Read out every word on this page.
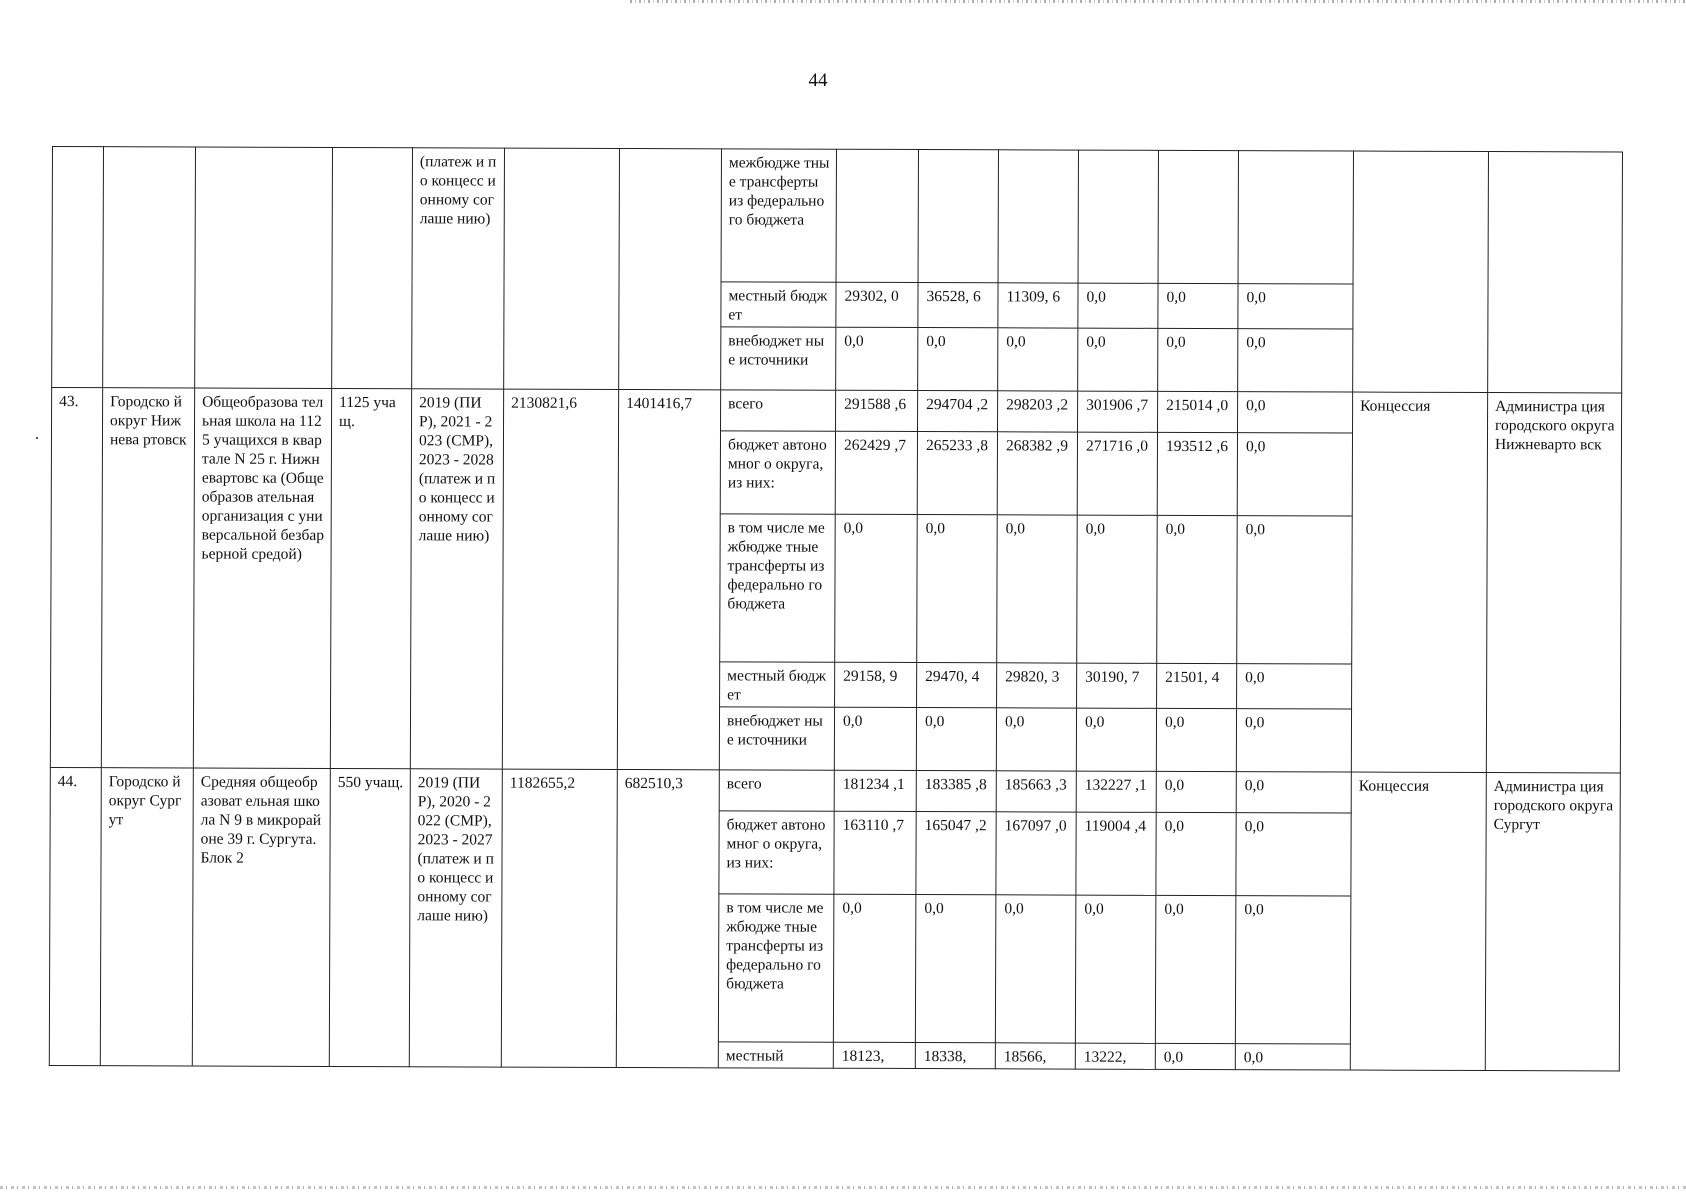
44
				(платеж и по концесс ионному соглаше нию)			межбюдже тные трансферты из федерально го бюджета								
							местный бюджет	29302, 0	36528, 6	11309, 6	0,0	0,0	0,0		
							внебюджет ные источники	0,0	0,0	0,0	0,0	0,0	0,0		
43.	Городско й округ Нижнева ртовск	Общеобразова тельная школа на 1125 учащихся в квартале N 25 г. Нижневартовс ка (Общеобразов ательная организация с универсальной безбарьерной средой)	1125 учащ.	2019 (ПИР), 2021 - 2023 (СМР), 2023 - 2028 (платеж и по концесс ионному соглаше нию)	2130821,6	1401416,7	всего	291588 ,6	294704 ,2	298203 ,2	301906 ,7	215014 ,0	0,0	Концессия	Администра ция городского округа Нижневарто вск
							бюджет автономног о округа, из них:	262429 ,7	265233 ,8	268382 ,9	271716 ,0	193512 ,6	0,0		
							в том числе межбюдже тные трансферты из федерально го бюджета	0,0	0,0	0,0	0,0	0,0	0,0		
							местный бюджет	29158, 9	29470, 4	29820, 3	30190, 7	21501, 4	0,0		
							внебюджет ные источники	0,0	0,0	0,0	0,0	0,0	0,0		
44.	Городско й округ Сургут	Средняя общеобразоват ельная школа N 9 в микрорайоне 39 г. Сургута. Блок 2	550 учащ.	2019 (ПИР), 2020 - 2022 (СМР), 2023 - 2027 (платеж и по концесс ионному соглаше нию)	1182655,2	682510,3	всего	181234 ,1	183385 ,8	185663 ,3	132227 ,1	0,0	0,0	Концессия	Администра ция городского округа Сургут
							бюджет автономног о округа, из них:	163110 ,7	165047 ,2	167097 ,0	119004 ,4	0,0	0,0		
							в том числе межбюдже тные трансферты из федерально го бюджета	0,0	0,0	0,0	0,0	0,0	0,0		
							местный	18123,	18338,	18566,	13222,	0,0	0,0		
